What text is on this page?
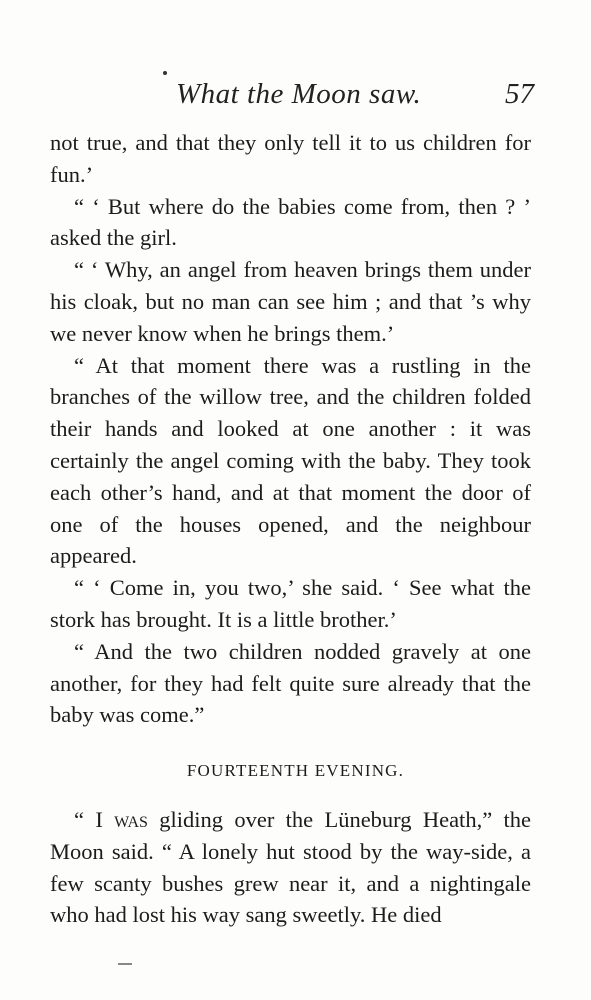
What the Moon saw.	57

not true, and that they only tell it to us children for fun.’

“ ‘ But where do the babies come from, then ? ’ asked the girl.

“ ‘ Why, an angel from heaven brings them under his cloak, but no man can see him ; and that ’s why we never know when he brings them.’

“ At that moment there was a rustling in the branches of the willow tree, and the children folded their hands and looked at one another : it was certainly the angel coming with the baby. They took each other’s hand, and at that moment the door of one of the houses opened, and the neighbour appeared.

“ ‘ Come in, you two,’ she said. ‘ See what the stork has brought. It is a little brother.’

“ And the two children nodded gravely at one another, for they had felt quite sure already that the baby was come.”

FOURTEENTH EVENING.

“ I was gliding over the Lüneburg Heath,” the Moon said. “ A lonely hut stood by the way-side, a few scanty bushes grew near it, and a nightingale who had lost his way sang sweetly. He died
